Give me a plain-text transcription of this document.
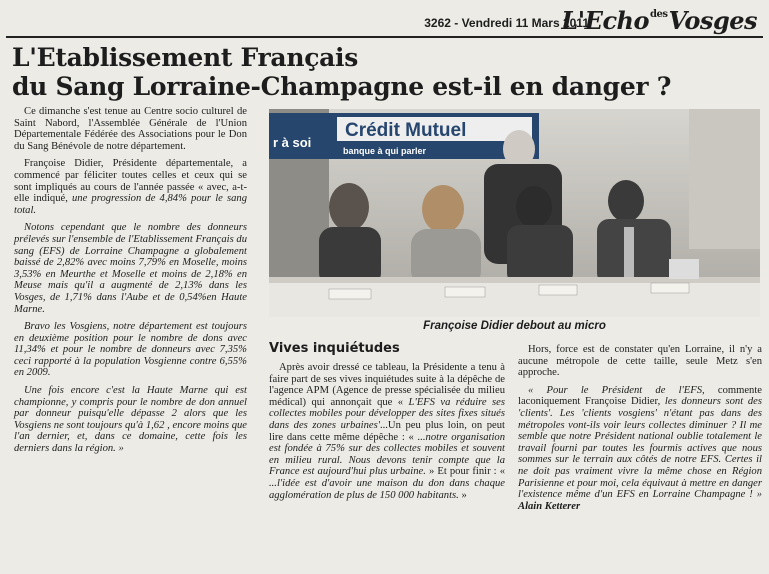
3262 - Vendredi 11 Mars 2011
L'Echo$^{des}$Vosges
L'Etablissement Français
du Sang Lorraine-Champagne est-il en danger ?

Ce dimanche s'est tenue au Centre socio culturel de Saint Nabord, l'Assemblée Générale de l'Union Départementale Fédérée des Associations pour le Don du Sang Bénévole de notre département.

Françoise Didier, Présidente départementale, a commencé par féliciter toutes celles et ceux qui se sont impliqués au cours de l'année passée « avec, a-t-elle indiqué, une progression de 4,84% pour le sang total.

Notons cependant que le nombre des donneurs prélevés sur l'ensemble de l'Etablissement Français du sang (EFS) de Lorraine Champagne a globalement baissé de 2,82% avec moins 7,79% en Moselle, moins 3,53% en Meurthe et Moselle et moins de 2,18% en Meuse mais qu'il a augmenté de 2,13% dans les Vosges, de 1,71% dans l'Aube et de 0,54%en Haute Marne.

Bravo les Vosgiens, notre département est toujours en deuxième position pour le nombre de dons avec 11,34% et pour le nombre de donneurs avec 7,35% ceci rapporté à la population Vosgienne contre 6,55% en 2009.

Une fois encore c'est la Haute Marne qui est championne, y compris pour le nombre de don annuel par donneur puisqu'elle dépasse 2 alors que les Vosgiens ne sont toujours qu'à 1,62 , encore moins que l'an dernier, et, dans ce domaine, cette fois les derniers dans la région. »

Crédit Mutuel
banque à qui parler
r à soi
Françoise Didier debout au micro
Vives inquiétudes

Après avoir dressé ce tableau, la Présidente a tenu à faire part de ses vives inquiétudes suite à la dépêche de l'agence APM (Agence de presse spécialisée du milieu médical) qui annonçait que « L'EFS va réduire ses collectes mobiles pour développer des sites fixes situés dans des zones urbaines'...Un peu plus loin, on peut lire dans cette même dépêche : « ...notre organisation est fondée à 75% sur des collectes mobiles et souvent en milieu rural. Nous devons tenir compte que la France est aujourd'hui plus urbaine. » Et pour finir : « ...l'idée est d'avoir une maison du don dans chaque agglomération de plus de 150 000 habitants. »

Hors, force est de constater qu'en Lorraine, il n'y a aucune métropole de cette taille, seule Metz s'en approche.

« Pour le Président de l'EFS, commente laconiquement Françoise Didier, les donneurs sont des 'clients'. Les 'clients vosgiens' n'étant pas dans des métropoles vont-ils voir leurs collectes diminuer ? Il me semble que notre Président national oublie totalement le travail fourni par toutes les fourmis actives que nous sommes sur le terrain aux côtés de notre EFS. Certes il ne doit pas vraiment vivre la même chose en Région Parisienne et pour moi, cela équivaut à mettre en danger l'existence même d'un EFS en Lorraine Champagne ! » Alain Ketterer
